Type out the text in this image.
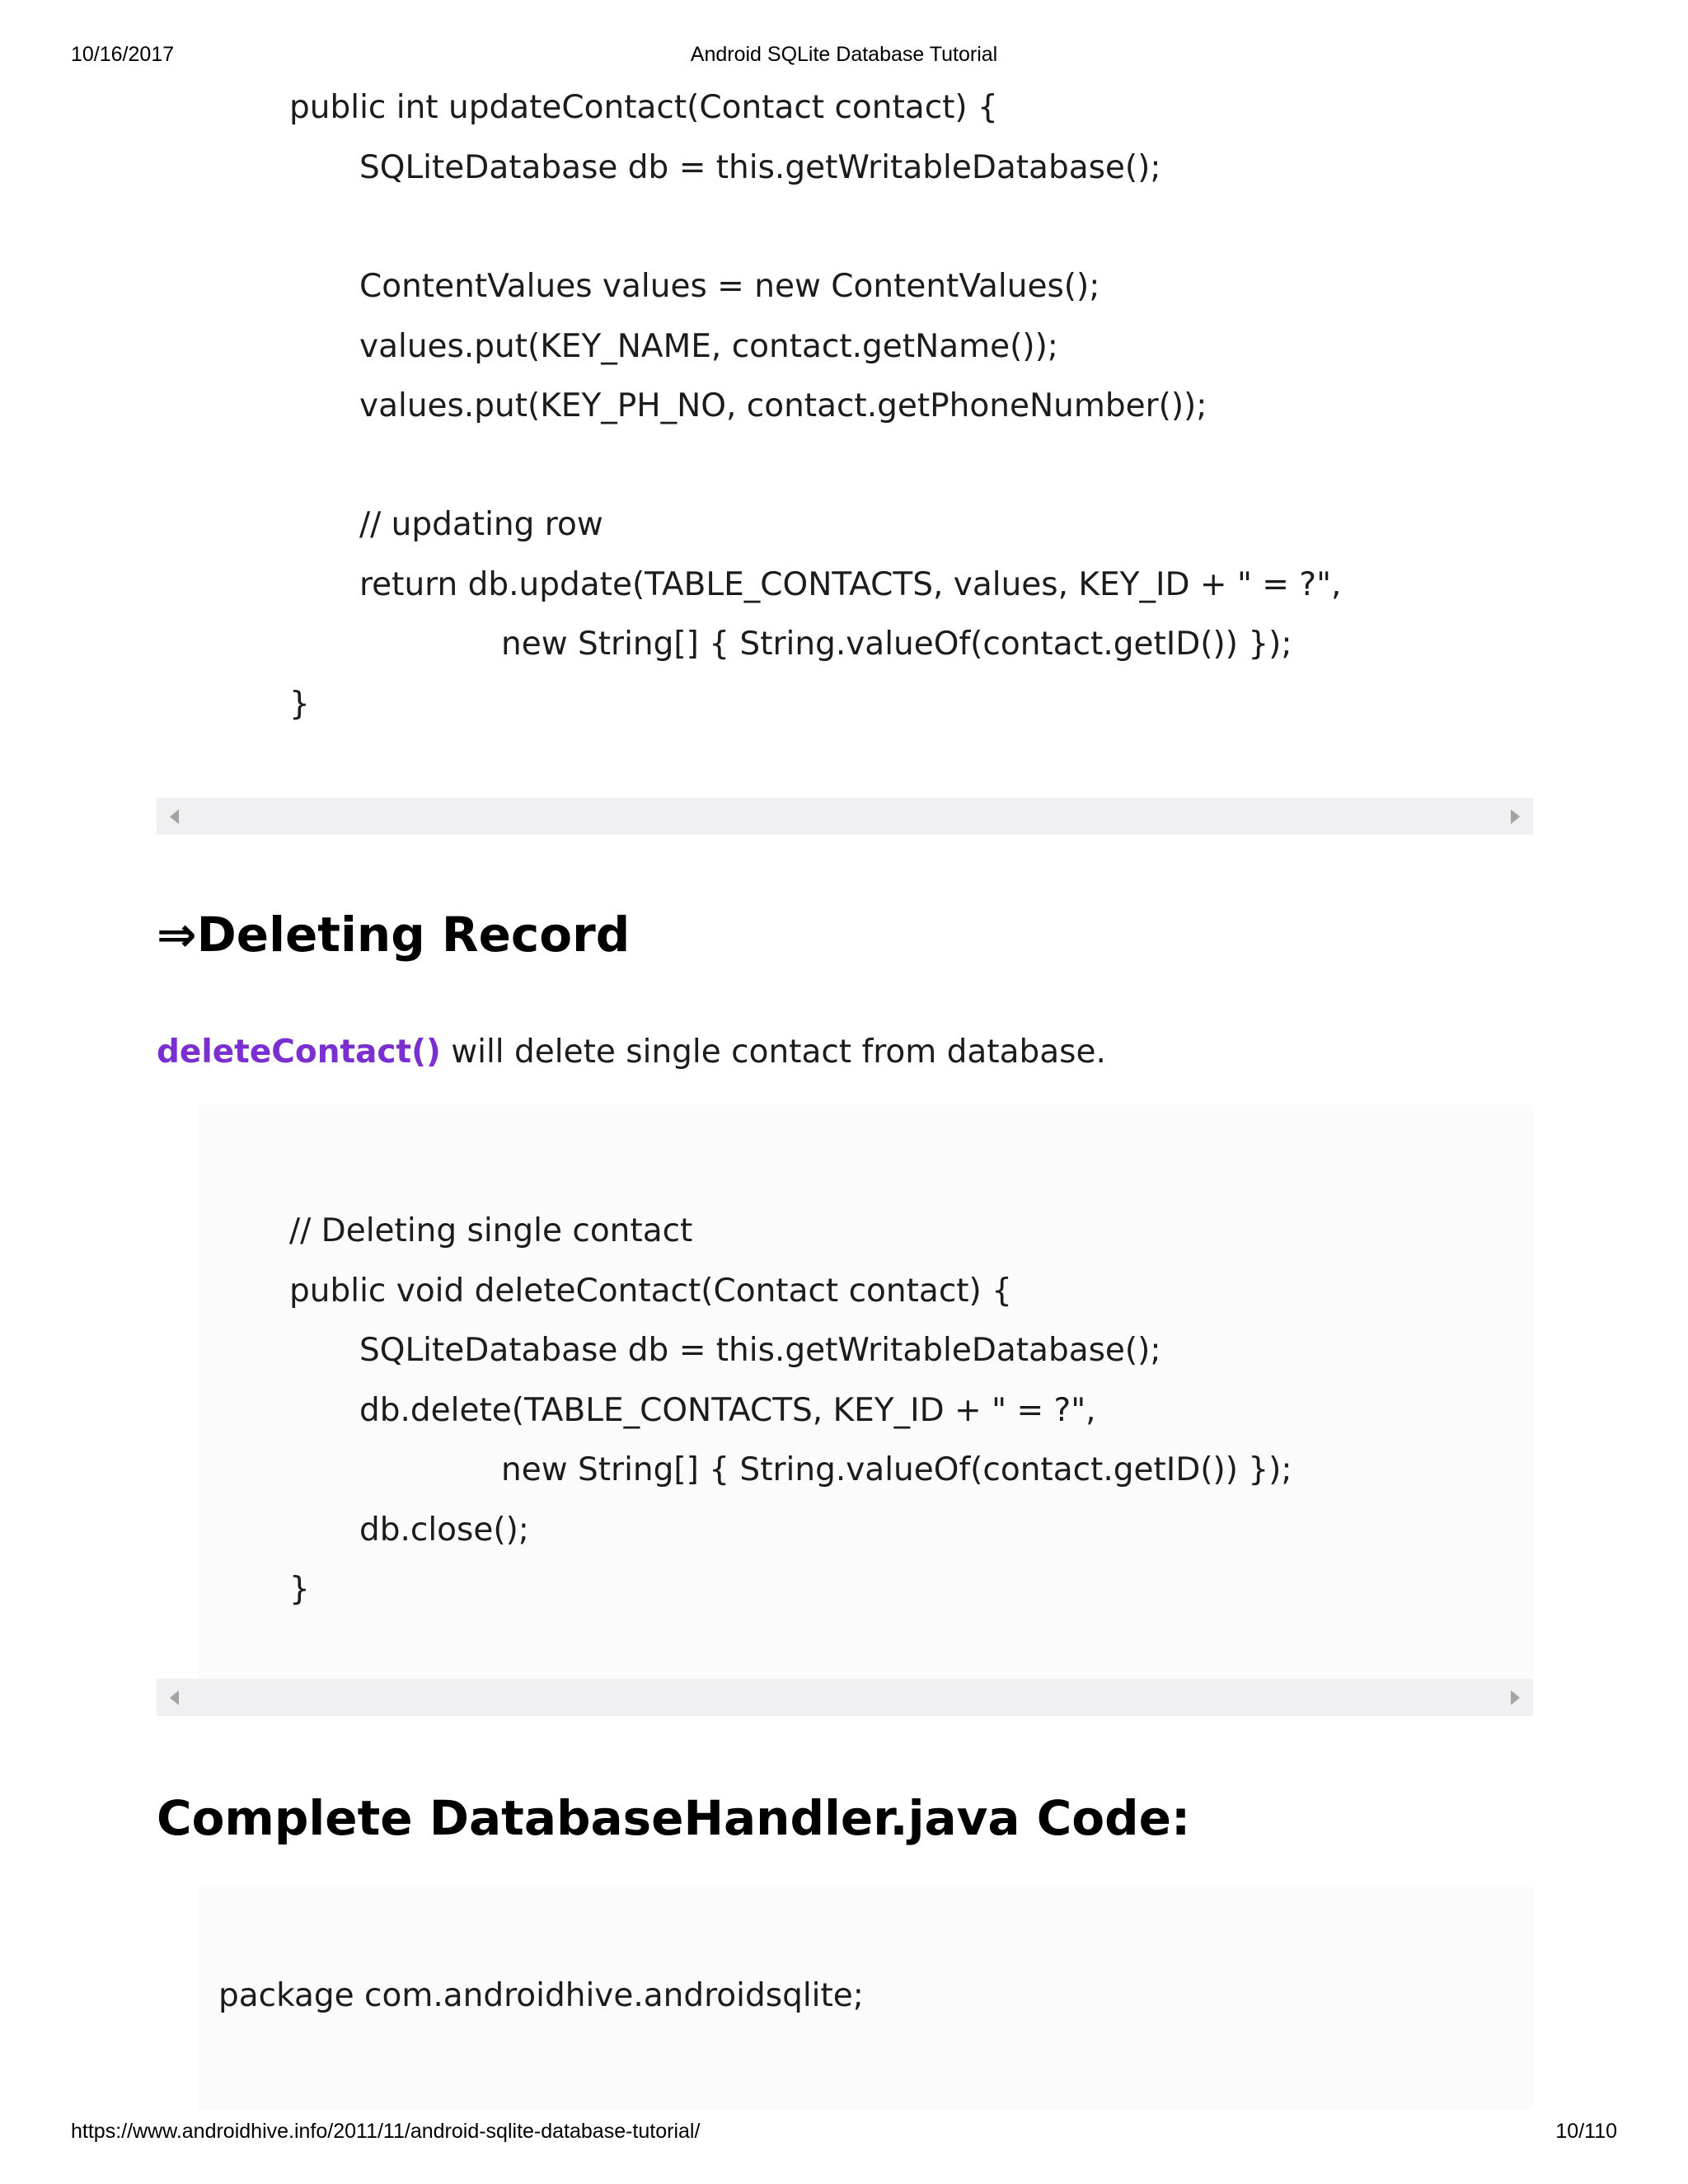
10/16/2017	Android SQLite Database Tutorial
public int updateContact(Contact contact) {
SQLiteDatabase db = this.getWritableDatabase();
ContentValues values = new ContentValues();
values.put(KEY_NAME, contact.getName());
values.put(KEY_PH_NO, contact.getPhoneNumber());
// updating row
return db.update(TABLE_CONTACTS, values, KEY_ID + " = ?",
new String[] { String.valueOf(contact.getID()) });
}
⇒Deleting Record
deleteContact() will delete single contact from database.
// Deleting single contact
public void deleteContact(Contact contact) {
SQLiteDatabase db = this.getWritableDatabase();
db.delete(TABLE_CONTACTS, KEY_ID + " = ?",
new String[] { String.valueOf(contact.getID()) });
db.close();
}
Complete DatabaseHandler.java Code:
package com.androidhive.androidsqlite;
https://www.androidhive.info/2011/11/android-sqlite-database-tutorial/	10/110
